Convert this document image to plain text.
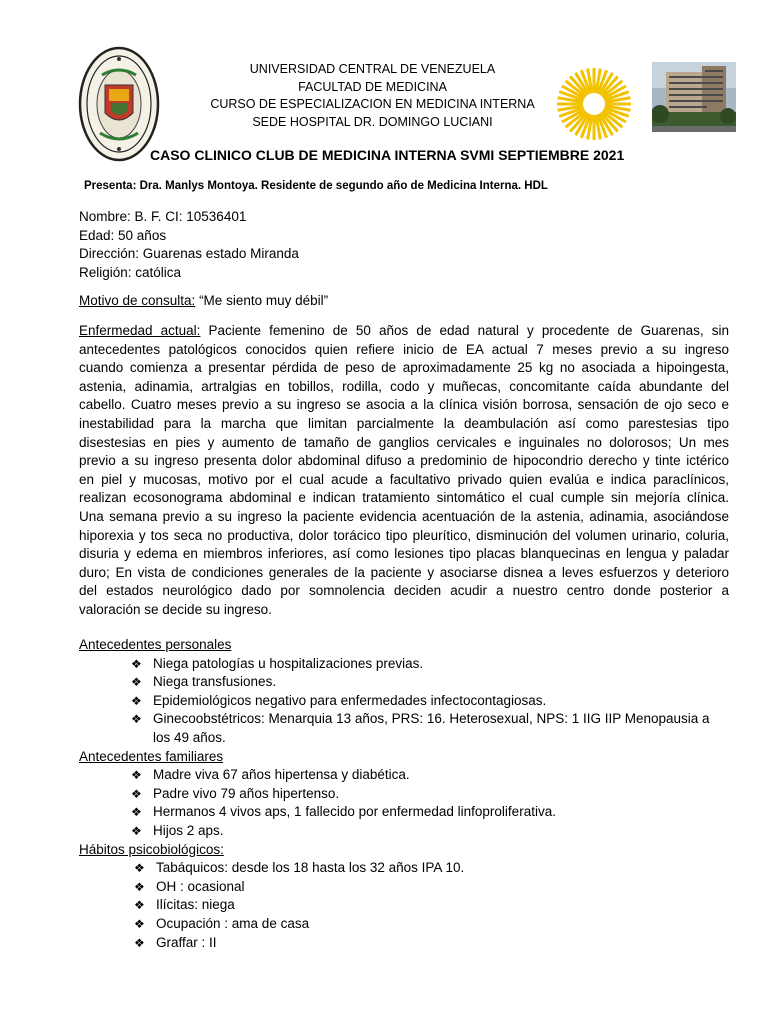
UNIVERSIDAD CENTRAL DE VENEZUELA
FACULTAD DE MEDICINA
CURSO DE ESPECIALIZACION EN MEDICINA INTERNA
SEDE HOSPITAL DR. DOMINGO LUCIANI
CASO CLINICO CLUB DE MEDICINA INTERNA SVMI SEPTIEMBRE 2021
Presenta: Dra. Manlys Montoya. Residente de segundo año de Medicina Interna. HDL
Nombre: B. F. CI: 10536401
Edad: 50 años
Dirección: Guarenas estado Miranda
Religión: católica
Motivo de consulta: “Me siento muy débil”
Enfermedad actual: Paciente femenino de 50 años de edad natural y procedente de Guarenas, sin
antecedentes patológicos conocidos quien refiere inicio de EA actual 7 meses previo a su ingreso
cuando comienza a presentar pérdida de peso de aproximadamente 25 kg no asociada a hipoingesta,
astenia, adinamia, artralgias en tobillos, rodilla, codo y muñecas, concomitante caída abundante del
cabello. Cuatro meses previo a su ingreso se asocia a la clínica visión borrosa, sensación de ojo seco e
inestabilidad para la marcha que limitan parcialmente la deambulación así como parestesias tipo
disestesias en pies y aumento de tamaño de ganglios cervicales e inguinales no dolorosos; Un mes
previo a su ingreso presenta dolor abdominal difuso a predominio de hipocondrio derecho y tinte ictérico
en piel y mucosas, motivo por el cual acude a facultativo privado quien evalúa e indica paraclínicos,
realizan ecosonograma abdominal e indican tratamiento sintomático el cual cumple sin mejoría clínica.
Una semana previo a su ingreso la paciente evidencia acentuación de la astenia, adinamia, asociándose
hiporexia y tos seca no productiva, dolor torácico tipo pleurítico, disminución del volumen urinario, coluria,
disuria y edema en miembros inferiores, así como lesiones tipo placas blanquecinas en lengua y paladar
duro; En vista de condiciones generales de la paciente y asociarse disnea a leves esfuerzos y deterioro
del estados neurológico dado por somnolencia deciden acudir a nuestro centro donde posterior a
valoración se decide su ingreso.
Antecedentes personales
❖ Niega patologías u hospitalizaciones previas.
❖ Niega transfusiones.
❖ Epidemiológicos negativo para enfermedades infectocontagiosas.
❖ Ginecoobstétricos: Menarquia 13 años, PRS: 16. Heterosexual, NPS: 1 IIG IIP Menopausia a
los 49 años.
Antecedentes familiares
❖ Madre viva 67 años hipertensa y diabética.
❖ Padre vivo 79 años hipertenso.
❖ Hermanos 4 vivos aps, 1 fallecido por enfermedad linfoproliferativa.
❖ Hijos 2 aps.
Hábitos psicobiológicos:
❖ Tabáquicos: desde los 18 hasta los 32 años IPA 10.
❖ OH : ocasional
❖ Ilícitas: niega
❖ Ocupación : ama de casa
❖ Graffar : II
